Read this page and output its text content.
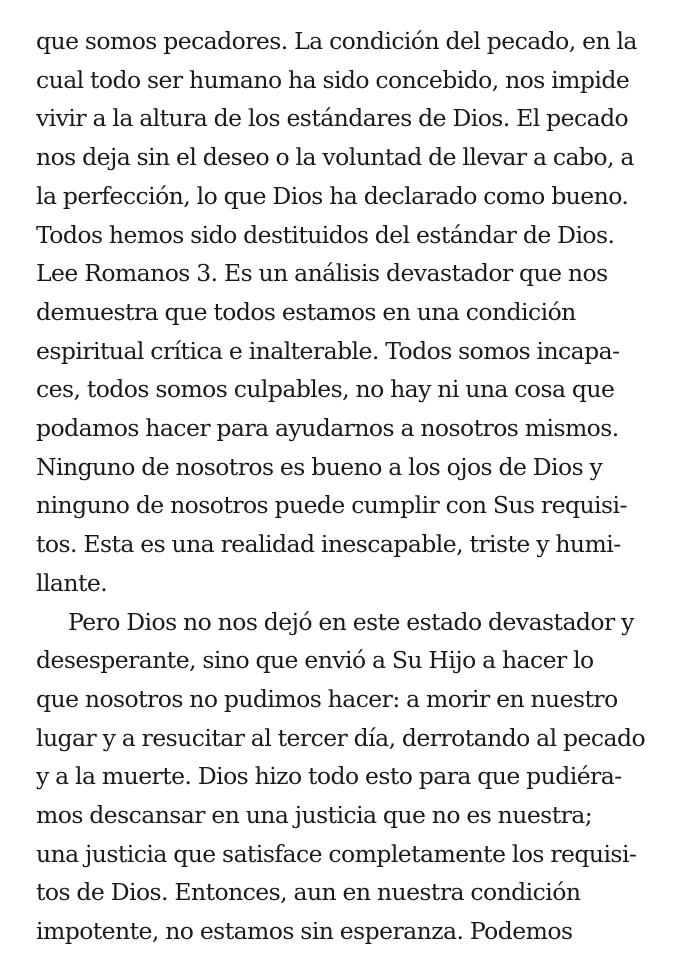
que somos pecadores. La condición del pecado, en la
cual todo ser humano ha sido concebido, nos impide
vivir a la altura de los estándares de Dios. El pecado
nos deja sin el deseo o la voluntad de llevar a cabo, a
la perfección, lo que Dios ha declarado como bueno.
Todos hemos sido destituidos del estándar de Dios.
Lee Romanos 3. Es un análisis devastador que nos
demuestra que todos estamos en una condición
espiritual crítica e inalterable. Todos somos incapa-
ces, todos somos culpables, no hay ni una cosa que
podamos hacer para ayudarnos a nosotros mismos.
Ninguno de nosotros es bueno a los ojos de Dios y
ninguno de nosotros puede cumplir con Sus requisi-
tos. Esta es una realidad inescapable, triste y humi-
llante.
Pero Dios no nos dejó en este estado devastador y
desesperante, sino que envió a Su Hijo a hacer lo
que nosotros no pudimos hacer: a morir en nuestro
lugar y a resucitar al tercer día, derrotando al pecado
y a la muerte. Dios hizo todo esto para que pudiéra-
mos descansar en una justicia que no es nuestra;
una justicia que satisface completamente los requisi-
tos de Dios. Entonces, aun en nuestra condición
impotente, no estamos sin esperanza. Podemos
